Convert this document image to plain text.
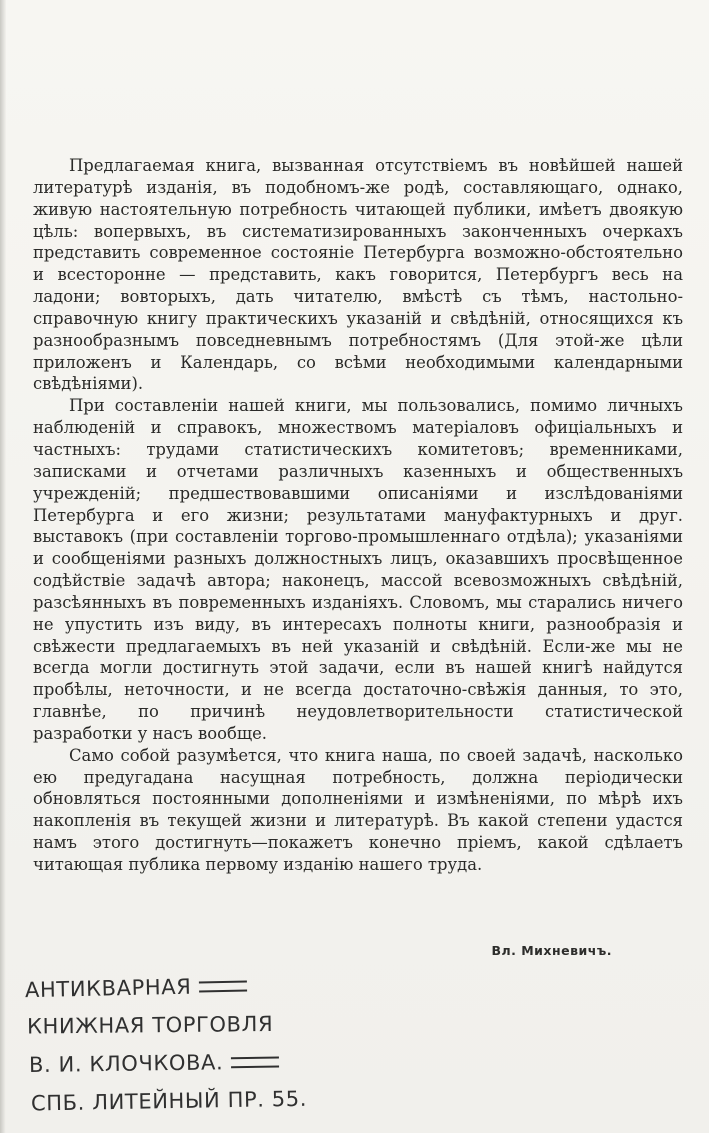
Предлагаемая книга, вызванная отсутствіемъ въ новѣйшей нашей литературѣ изданія, въ подобномъ-же родѣ, составляющаго, однако, живую настоятельную потребность читающей публики, имѣетъ двоякую цѣль: вопервыхъ, въ систематизированныхъ законченныхъ очеркахъ представить современное состояніе Петербурга возможно-обстоятельно и всесторонне — представить, какъ говорится, Петербургъ весь на ладони; вовторыхъ, дать читателю, вмѣстѣ съ тѣмъ, настольно-справочную книгу практическихъ указаній и свѣдѣній, относящихся къ разнообразнымъ повседневнымъ потребностямъ (Для этой-же цѣли приложенъ и Календарь, со всѣми необходимыми календарными свѣдѣніями).

При составленіи нашей книги, мы пользовались, помимо личныхъ наблюденій и справокъ, множествомъ матеріаловъ офиціальныхъ и частныхъ: трудами статистическихъ комитетовъ; временниками, записками и отчетами различныхъ казенныхъ и общественныхъ учрежденій; предшествовавшими описаніями и изслѣдованіями Петербурга и его жизни; результатами мануфактурныхъ и друг. выставокъ (при составленіи торгово-промышленнаго отдѣла); указаніями и сообщеніями разныхъ должностныхъ лицъ, оказавшихъ просвѣщенное содѣйствіе задачѣ автора; наконецъ, массой всевозможныхъ свѣдѣній, разсѣянныхъ въ повременныхъ изданіяхъ. Словомъ, мы старались ничего не упустить изъ виду, въ интересахъ полноты книги, разнообразія и свѣжести предлагаемыхъ въ ней указаній и свѣдѣній. Если-же мы не всегда могли достигнуть этой задачи, если въ нашей книгѣ найдутся пробѣлы, неточности, и не всегда достаточно-свѣжія данныя, то это, главнѣе, по причинѣ неудовлетворительности статистической разработки у насъ вообще.

Само собой разумѣется, что книга наша, по своей задачѣ, насколько ею предугадана насущная потребность, должна періодически обновляться постоянными дополненіями и измѣненіями, по мѣрѣ ихъ накопленія въ текущей жизни и литературѣ. Въ какой степени удастся намъ этого достигнуть—покажетъ конечно пріемъ, какой сдѣлаетъ читающая публика первому изданію нашего труда.

Вл. Михневичъ.
АНТИКВАРНАЯ
КНИЖНАЯ ТОРГОВЛЯ
В. И. КЛОЧКОВА.
СПБ. ЛИТЕЙНЫЙ ПР. 55.
